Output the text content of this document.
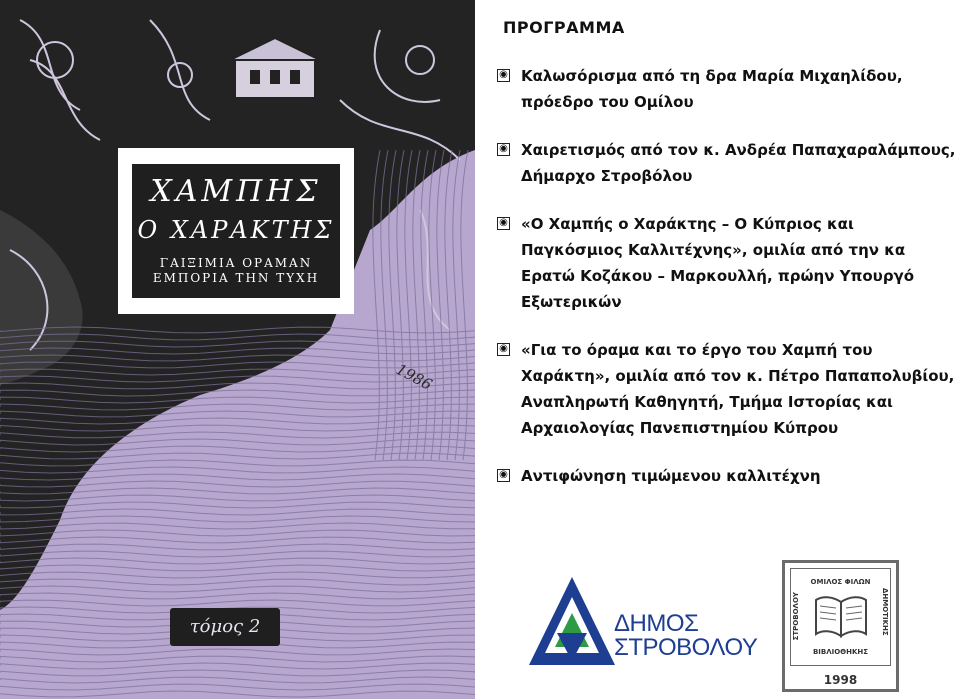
ΧΑΜΠΗΣ
Ο ΧΑΡΑΚΤΗΣ
ΓΑΙΞΙΜΙΑ ΟΡΑΜΑΝ
ΕΜΠΟΡΙΑ ΤΗΝ ΤΥΧΗ
1986
τόμος 2
ΠΡΟΓΡΑΜΜΑ
◉ Καλωσόρισμα από τη δρα Μαρία Μιχαηλίδου, πρόεδρο του Ομίλου
◉ Χαιρετισμός από τον κ. Ανδρέα Παπαχαραλάμπους, Δήμαρχο Στροβόλου
◉ «Ο Χαμπής ο Χαράκτης – Ο Κύπριος και Παγκόσμιος Καλλιτέχνης», ομιλία από την κα Ερατώ Κοζάκου – Μαρκουλλή, πρώην Υπουργό Εξωτερικών
◉ «Για το όραμα και το έργο του Χαμπή του Χαράκτη», ομιλία από τον κ. Πέτρο Παπαπολυβίου, Αναπληρωτή Καθηγητή, Τμήμα Ιστορίας και Αρχαιολογίας Πανεπιστημίου Κύπρου
◉ Αντιφώνηση τιμώμενου καλλιτέχνη
ΔΗΜΟΣ
ΣΤΡΟΒΟΛΟΥ
ΟΜΙΛΟΣ ΦΙΛΩΝ
ΣΤΡΟΒΟΛΟΥ	ΔΗΜΟΤΙΚΗΣ
ΒΙΒΛΙΟΘΗΚΗΣ
1998
